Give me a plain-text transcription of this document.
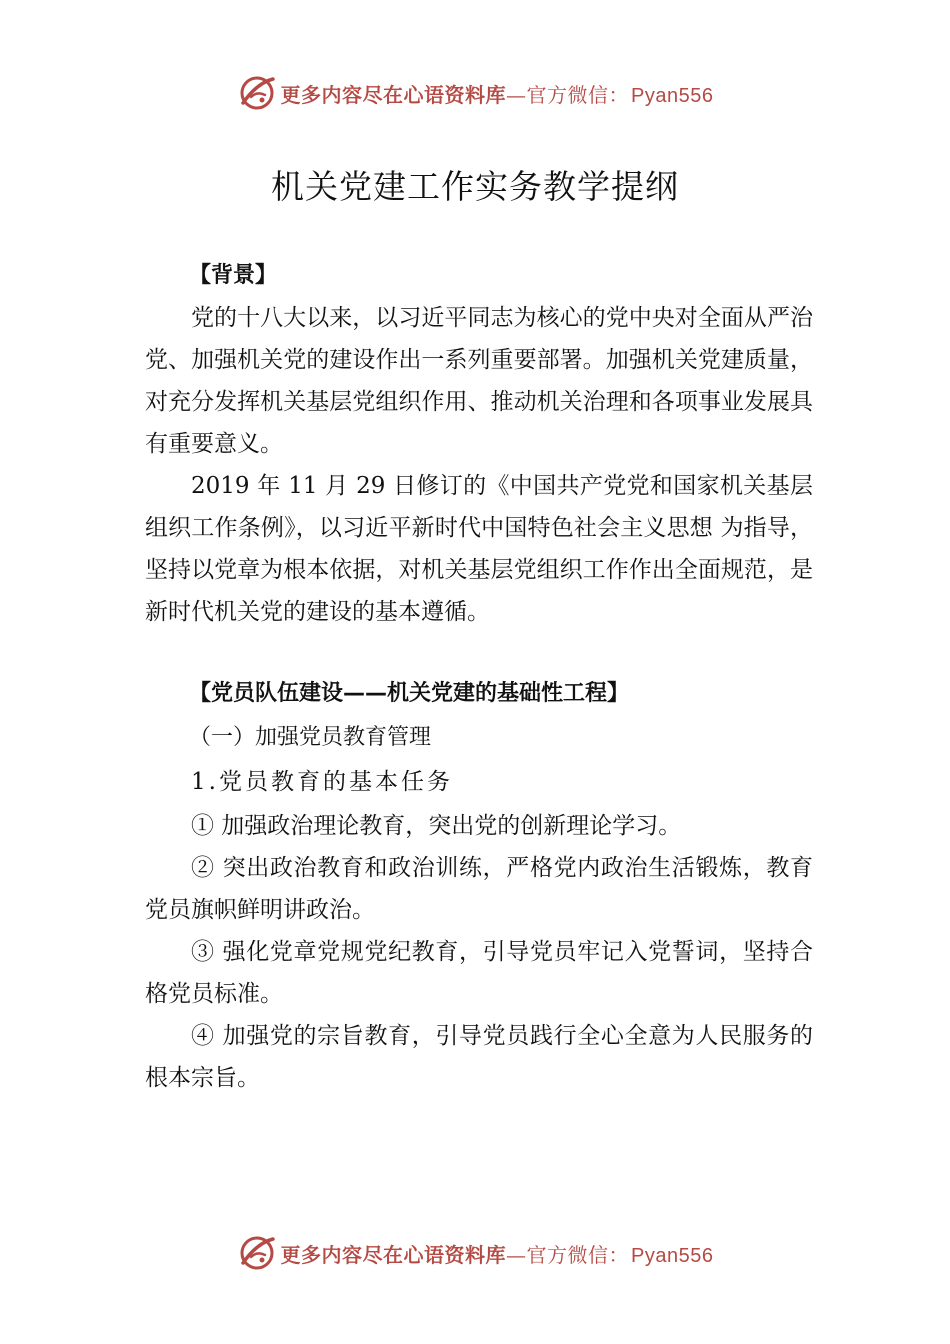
更多内容尽在心语资料库—官方微信： Pyan556
机关党建工作实务教学提纲

【背景】

党的十八大以来，以习近平同志为核心的党中央对全面从严治党、加强机关党的建设作出一系列重要部署。加强机关党建质量，对充分发挥机关基层党组织作用、推动机关治理和各项事业发展具有重要意义。

2019 年 11 月 29 日修订的《中国共产党党和国家机关基层组织工作条例》，以习近平新时代中国特色社会主义思想 为指导，坚持以党章为根本依据，对机关基层党组织工作作出全面规范，是新时代机关党的建设的基本遵循。

【党员队伍建设——机关党建的基础性工程】

（一）加强党员教育管理

1.党员教育的基本任务

① 加强政治理论教育，突出党的创新理论学习。

② 突出政治教育和政治训练，严格党内政治生活锻炼，教育党员旗帜鲜明讲政治。

③ 强化党章党规党纪教育，引导党员牢记入党誓词，坚持合格党员标准。

④ 加强党的宗旨教育，引导党员践行全心全意为人民服务的根本宗旨。

更多内容尽在心语资料库—官方微信： Pyan556
